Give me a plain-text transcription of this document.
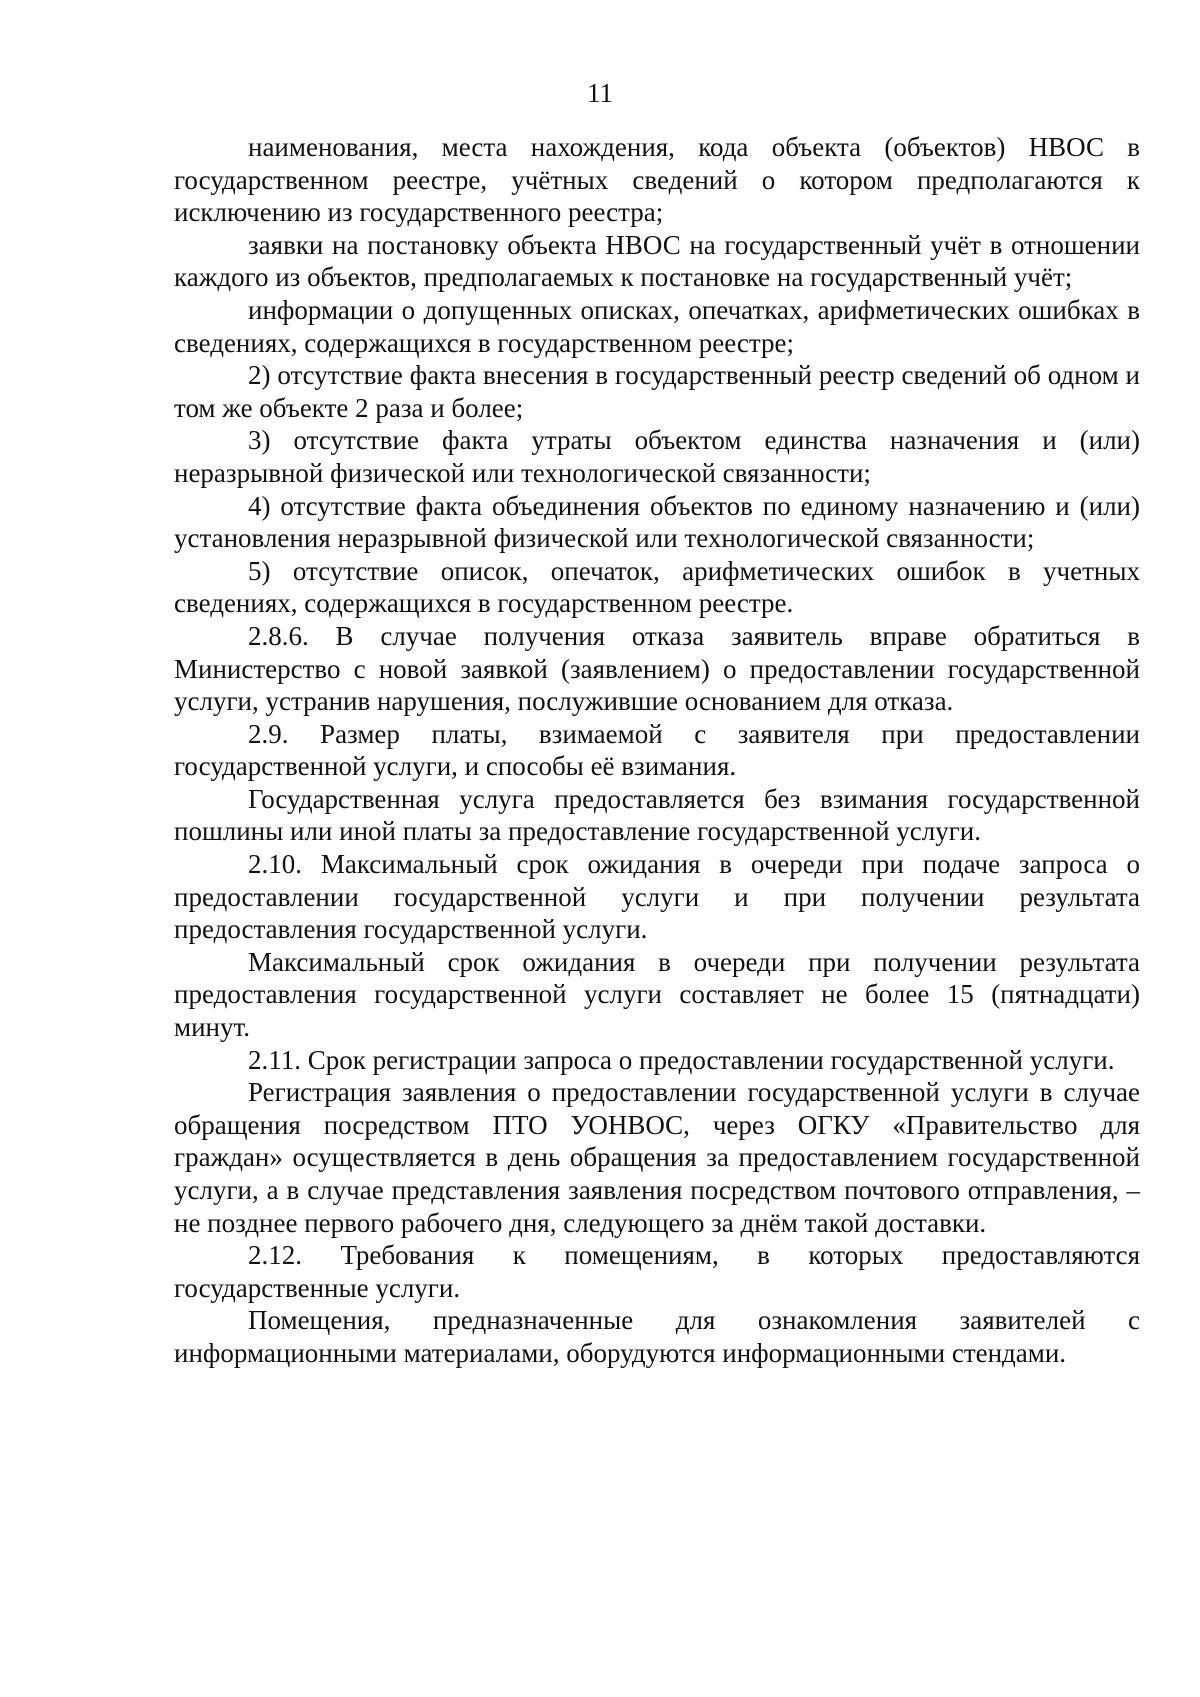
11

наименования, места нахождения, кода объекта (объектов) НВОС в государственном реестре, учётных сведений о котором предполагаются к исключению из государственного реестра;

заявки на постановку объекта НВОС на государственный учёт в отношении каждого из объектов, предполагаемых к постановке на государственный учёт;

информации о допущенных описках, опечатках, арифметических ошибках в сведениях, содержащихся в государственном реестре;

2) отсутствие факта внесения в государственный реестр сведений об одном и том же объекте 2 раза и более;

3) отсутствие факта утраты объектом единства назначения и (или) неразрывной физической или технологической связанности;

4) отсутствие факта объединения объектов по единому назначению и (или) установления неразрывной физической или технологической связанности;

5) отсутствие описок, опечаток, арифметических ошибок в учетных сведениях, содержащихся в государственном реестре.

2.8.6. В случае получения отказа заявитель вправе обратиться в Министерство с новой заявкой (заявлением) о предоставлении государственной услуги, устранив нарушения, послужившие основанием для отказа.

2.9. Размер платы, взимаемой с заявителя при предоставлении государственной услуги, и способы её взимания.

Государственная услуга предоставляется без взимания государственной пошлины или иной платы за предоставление государственной услуги.

2.10. Максимальный срок ожидания в очереди при подаче запроса о предоставлении государственной услуги и при получении результата предоставления государственной услуги.

Максимальный срок ожидания в очереди при получении результата предоставления государственной услуги составляет не более 15 (пятнадцати) минут.

2.11. Срок регистрации запроса о предоставлении государственной услуги.

Регистрация заявления о предоставлении государственной услуги в случае обращения посредством ПТО УОНВОС, через ОГКУ «Правительство для граждан» осуществляется в день обращения за предоставлением государственной услуги, а в случае представления заявления посредством почтового отправления, – не позднее первого рабочего дня, следующего за днём такой доставки.

2.12. Требования к помещениям, в которых предоставляются государственные услуги.

Помещения, предназначенные для ознакомления заявителей с информационными материалами, оборудуются информационными стендами.
